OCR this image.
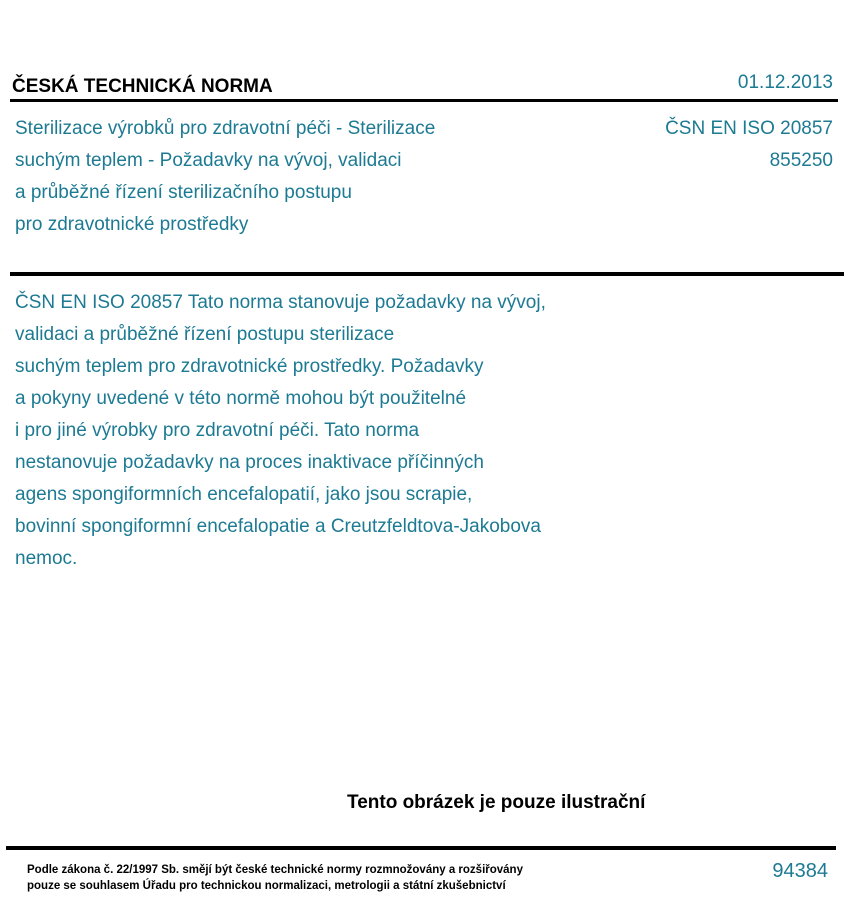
ČESKÁ TECHNICKÁ NORMA	01.12.2013
Sterilizace výrobků pro zdravotní péči - Sterilizace
suchým teplem - Požadavky na vývoj, validaci
a průběžné řízení sterilizačního postupu
pro zdravotnické prostředky
ČSN EN ISO 20857
855250
ČSN EN ISO 20857 Tato norma stanovuje požadavky na vývoj,
validaci a průběžné řízení postupu sterilizace
suchým teplem pro zdravotnické prostředky. Požadavky
a pokyny uvedené v této normě mohou být použitelné
i pro jiné výrobky pro zdravotní péči. Tato norma
nestanovuje požadavky na proces inaktivace příčinných
agens spongiformních encefalopatií, jako jsou scrapie,
bovinní spongiformní encefalopatie a Creutzfeldtova-Jakobova
nemoc.
Tento obrázek je pouze ilustrační
Podle zákona č. 22/1997 Sb. smějí být české technické normy rozmnožovány a rozšiřovány
pouze se souhlasem Úřadu pro technickou normalizaci, metrologii a státní zkušebnictví
94384
